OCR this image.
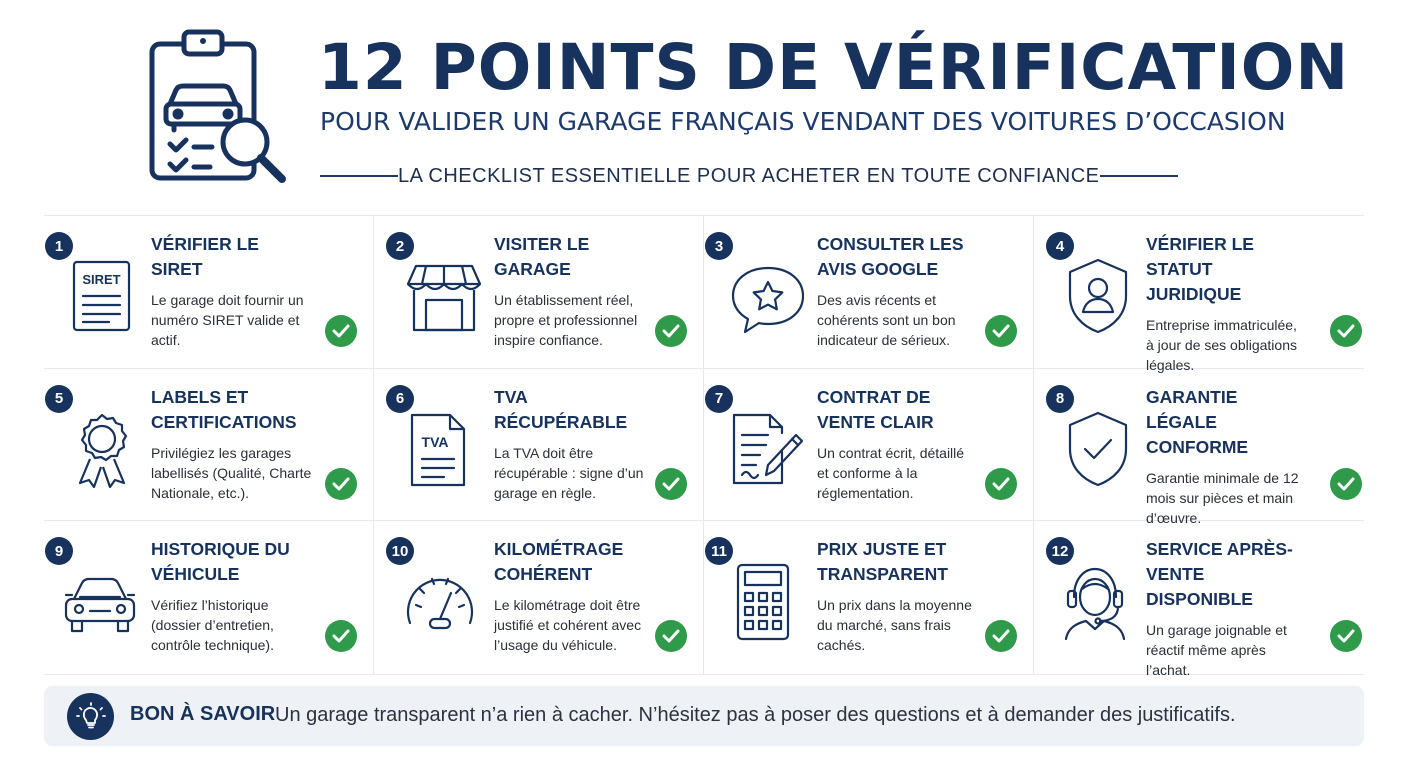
12 POINTS DE VÉRIFICATION
POUR VALIDER UN GARAGE FRANÇAIS VENDANT DES VOITURES D’OCCASION
LA CHECKLIST ESSENTIELLE POUR ACHETER EN TOUTE CONFIANCE
1
SIRET
VÉRIFIER LE SIRET
Le garage doit fournir un numéro SIRET valide et actif.
2	VISITER LE GARAGE
Un établissement réel, propre et professionnel inspire confiance.
3	CONSULTER LES AVIS GOOGLE
Des avis récents et cohérents sont un bon indicateur de sérieux.
4	VÉRIFIER LE STATUT JURIDIQUE
Entreprise immatriculée, à jour de ses obligations légales.
5	LABELS ET CERTIFICATIONS
Privilégiez les garages labellisés (Qualité, Charte Nationale, etc.).
6
TVA
TVA RÉCUPÉRABLE
La TVA doit être récupérable : signe d’un garage en règle.
7	CONTRAT DE VENTE CLAIR
Un contrat écrit, détaillé et conforme à la réglementation.
8	GARANTIE LÉGALE CONFORME
Garantie minimale de 12 mois sur pièces et main d’œuvre.
9	HISTORIQUE DU VÉHICULE
Vérifiez l’historique (dossier d’entretien, contrôle technique).
10	KILOMÉTRAGE COHÉRENT
Le kilométrage doit être justifié et cohérent avec l’usage du véhicule.
11	PRIX JUSTE ET TRANSPARENT
Un prix dans la moyenne du marché, sans frais cachés.
12	SERVICE APRÈS-VENTE DISPONIBLE
Un garage joignable et réactif même après l’achat.
BON À SAVOIR Un garage transparent n’a rien à cacher. N’hésitez pas à poser des questions et à demander des justificatifs.
